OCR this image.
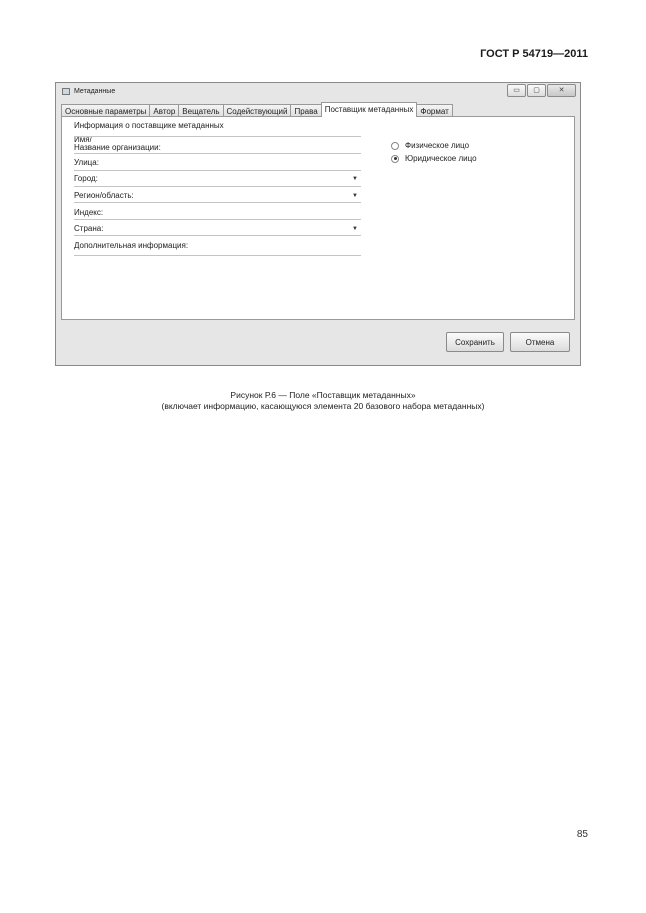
ГОСТ Р 54719—2011
Метаданные	▭	▢	✕
Основные параметры Автор Вещатель Содействующий Права Поставщик метаданных Формат
Информация о поставщике метаданных
Имя/
Название организации:
Улица:
Город:	▼
Регион/область:	▼
Индекс:
Страна:	▼
Дополнительная информация:
Физическое лицо
Юридическое лицо
Сохранить	Отмена
Рисунок Р.6 — Поле «Поставщик метаданных»
(включает информацию, касающуюся элемента 20 базового набора метаданных)
85
